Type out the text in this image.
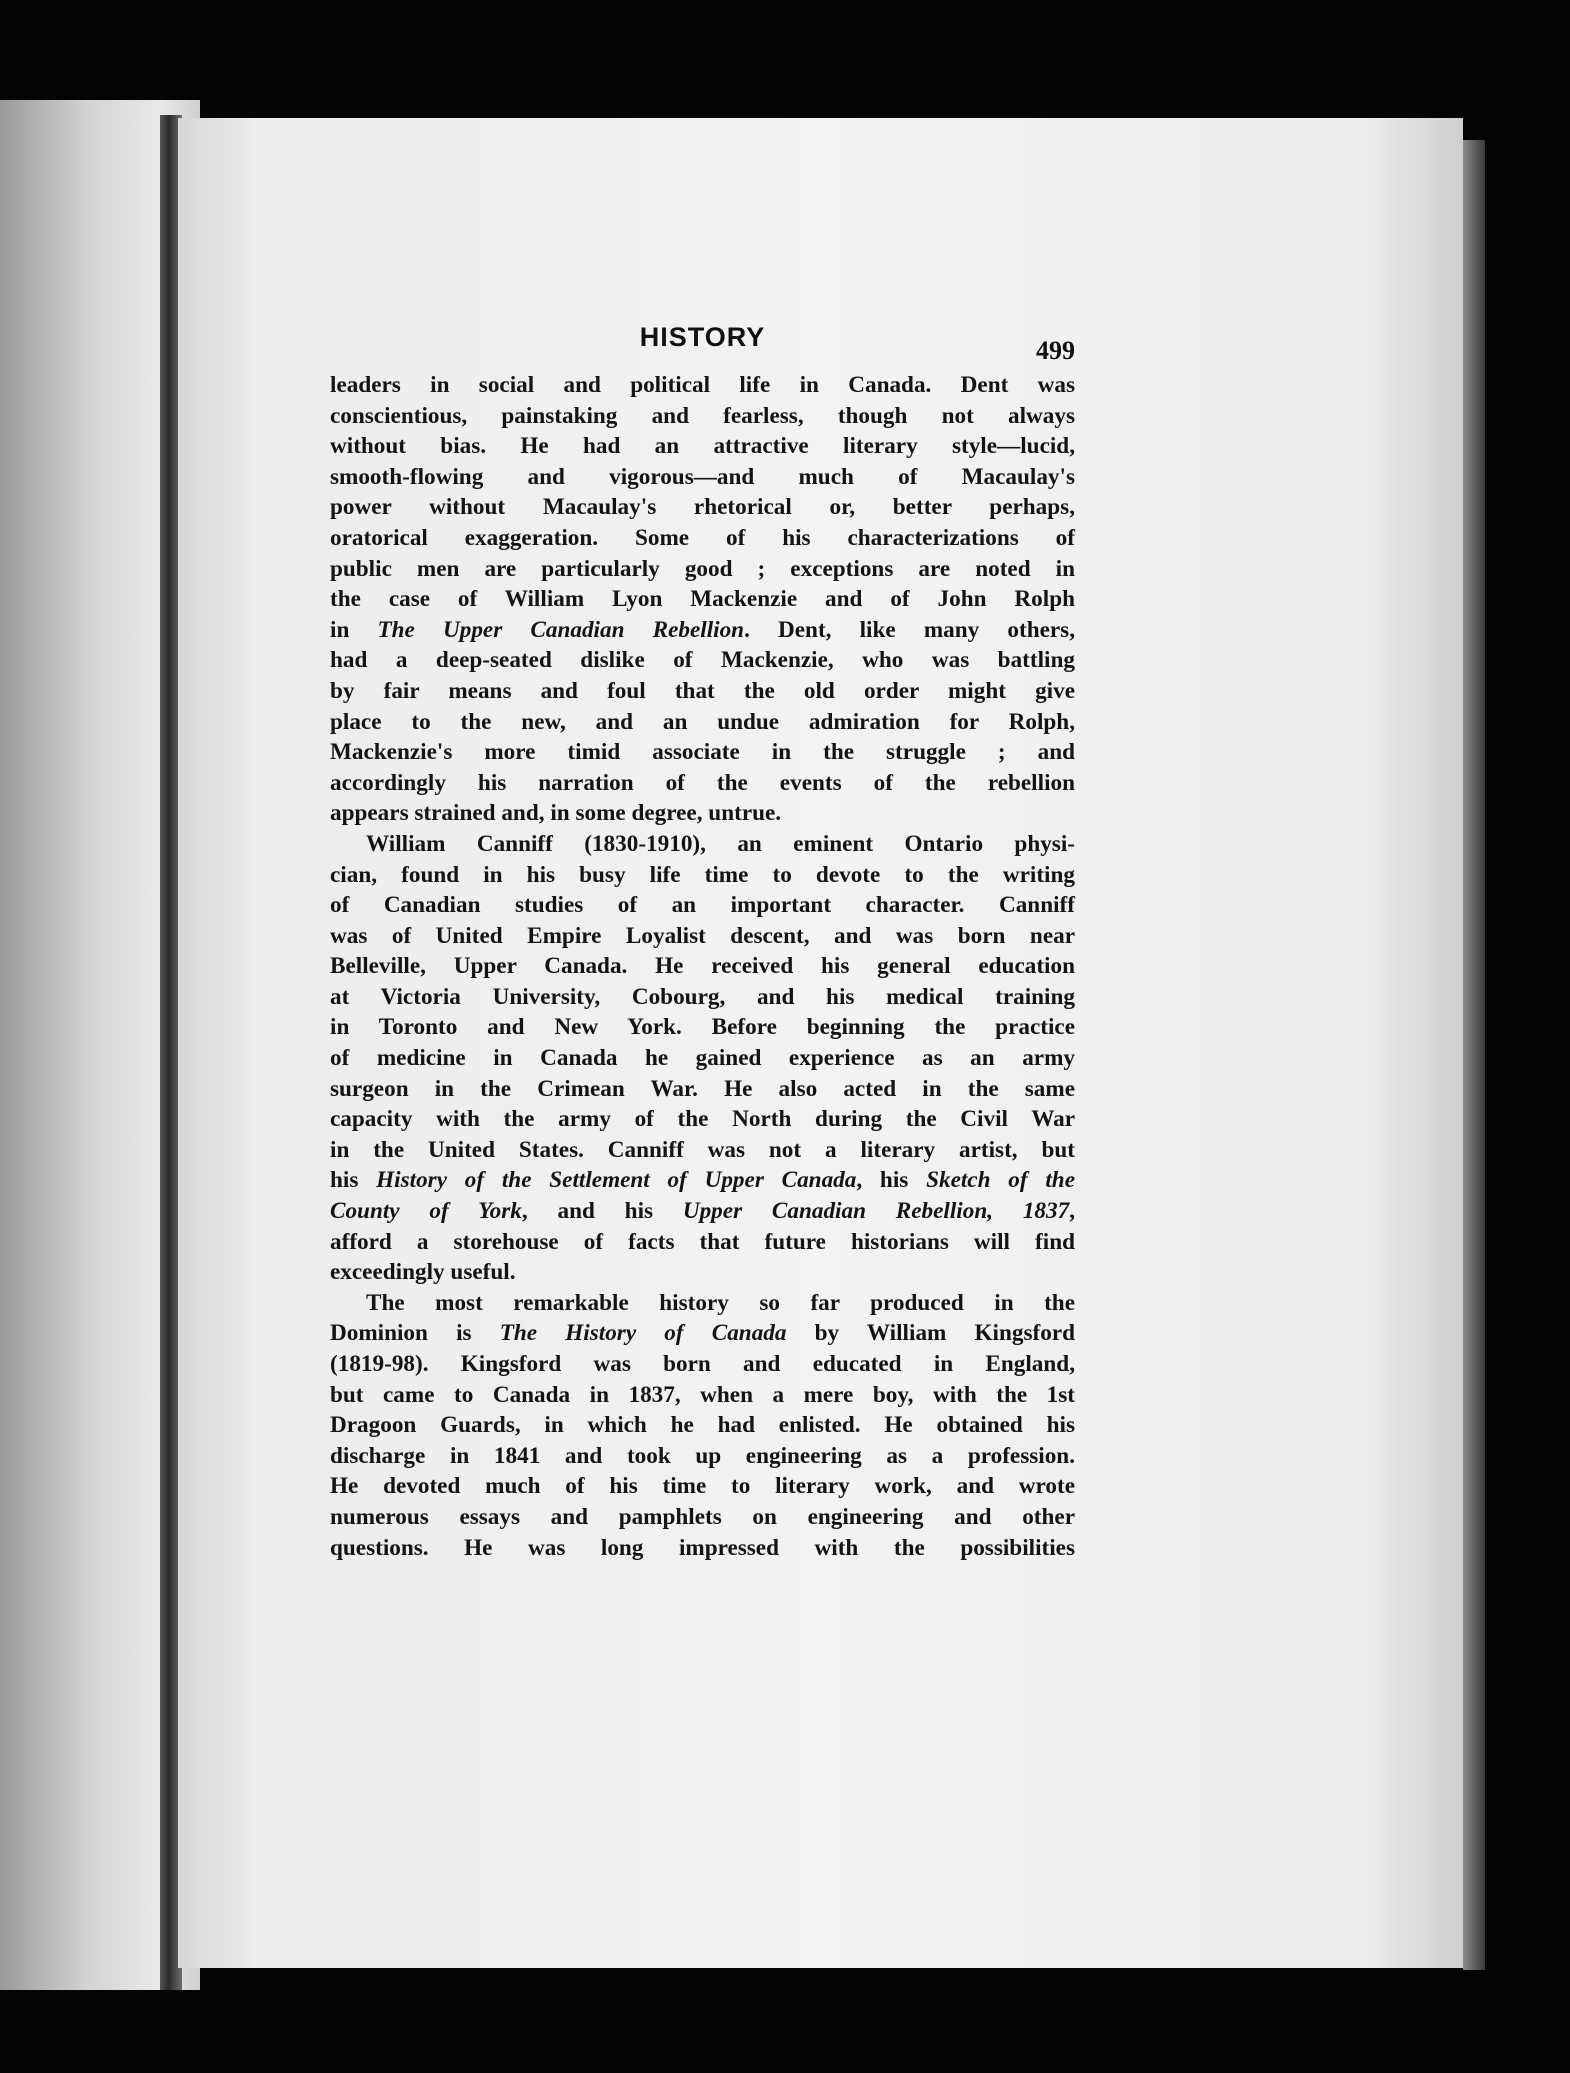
HISTORY	499
leaders in social and political life in Canada. Dent was
conscientious, painstaking and fearless, though not always
without bias. He had an attractive literary style—lucid,
smooth-flowing and vigorous—and much of Macaulay's
power without Macaulay's rhetorical or, better perhaps,
oratorical exaggeration. Some of his characterizations of
public men are particularly good ; exceptions are noted in
the case of William Lyon Mackenzie and of John Rolph
in The Upper Canadian Rebellion. Dent, like many others,
had a deep-seated dislike of Mackenzie, who was battling
by fair means and foul that the old order might give
place to the new, and an undue admiration for Rolph,
Mackenzie's more timid associate in the struggle ; and
accordingly his narration of the events of the rebellion
appears strained and, in some degree, untrue.
William Canniff (1830-1910), an eminent Ontario physi-
cian, found in his busy life time to devote to the writing
of Canadian studies of an important character. Canniff
was of United Empire Loyalist descent, and was born near
Belleville, Upper Canada. He received his general education
at Victoria University, Cobourg, and his medical training
in Toronto and New York. Before beginning the practice
of medicine in Canada he gained experience as an army
surgeon in the Crimean War. He also acted in the same
capacity with the army of the North during the Civil War
in the United States. Canniff was not a literary artist, but
his History of the Settlement of Upper Canada, his Sketch of the
County of York, and his Upper Canadian Rebellion, 1837,
afford a storehouse of facts that future historians will find
exceedingly useful.
The most remarkable history so far produced in the
Dominion is The History of Canada by William Kingsford
(1819-98). Kingsford was born and educated in England,
but came to Canada in 1837, when a mere boy, with the 1st
Dragoon Guards, in which he had enlisted. He obtained his
discharge in 1841 and took up engineering as a profession.
He devoted much of his time to literary work, and wrote
numerous essays and pamphlets on engineering and other
questions. He was long impressed with the possibilities
